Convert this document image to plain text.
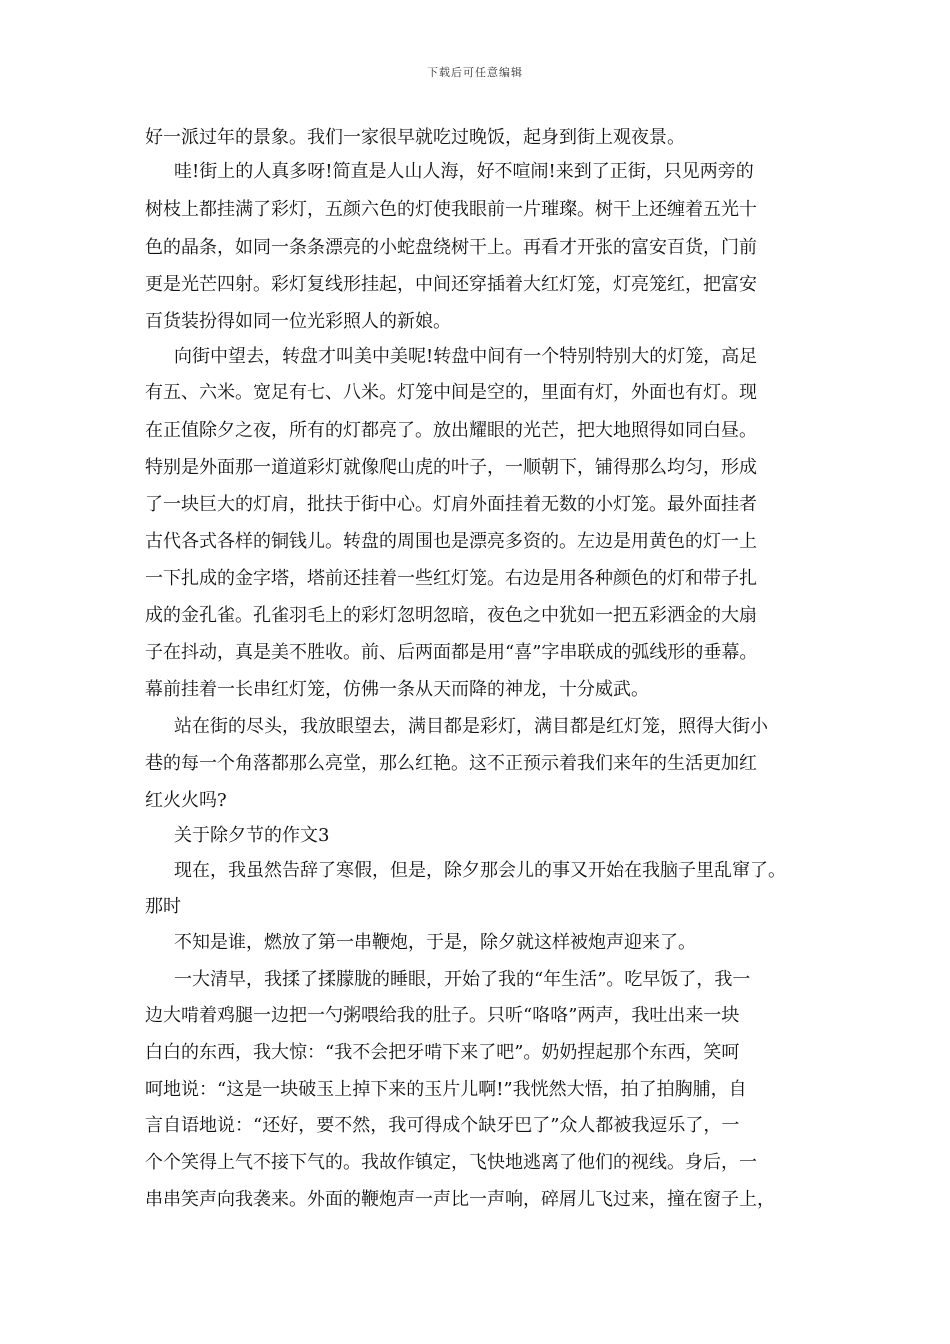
下载后可任意编辑
好一派过年的景象。我们一家很早就吃过晚饭，起身到街上观夜景。
哇!街上的人真多呀!简直是人山人海，好不喧闹!来到了正街，只见两旁的
树枝上都挂满了彩灯，五颜六色的灯使我眼前一片璀璨。树干上还缠着五光十
色的晶条，如同一条条漂亮的小蛇盘绕树干上。再看才开张的富安百货，门前
更是光芒四射。彩灯复线形挂起，中间还穿插着大红灯笼，灯亮笼红，把富安
百货装扮得如同一位光彩照人的新娘。
向街中望去，转盘才叫美中美呢!转盘中间有一个特别特别大的灯笼，高足
有五、六米。宽足有七、八米。灯笼中间是空的，里面有灯，外面也有灯。现
在正值除夕之夜，所有的灯都亮了。放出耀眼的光芒，把大地照得如同白昼。
特别是外面那一道道彩灯就像爬山虎的叶子，一顺朝下，铺得那么均匀，形成
了一块巨大的灯肩，批扶于街中心。灯肩外面挂着无数的小灯笼。最外面挂者
古代各式各样的铜钱儿。转盘的周围也是漂亮多资的。左边是用黄色的灯一上
一下扎成的金字塔，塔前还挂着一些红灯笼。右边是用各种颜色的灯和带子扎
成的金孔雀。孔雀羽毛上的彩灯忽明忽暗，夜色之中犹如一把五彩洒金的大扇
子在抖动，真是美不胜收。前、后两面都是用“喜”字串联成的弧线形的垂幕。
幕前挂着一长串红灯笼，仿佛一条从天而降的神龙，十分威武。
站在街的尽头，我放眼望去，满目都是彩灯，满目都是红灯笼，照得大街小
巷的每一个角落都那么亮堂，那么红艳。这不正预示着我们来年的生活更加红
红火火吗?
关于除夕节的作文3
现在，我虽然告辞了寒假，但是，除夕那会儿的事又开始在我脑子里乱窜了。
那时
不知是谁，燃放了第一串鞭炮，于是，除夕就这样被炮声迎来了。
一大清早，我揉了揉朦胧的睡眼，开始了我的“年生活”。吃早饭了，我一
边大啃着鸡腿一边把一勺粥喂给我的肚子。只听“咯咯”两声，我吐出来一块
白白的东西，我大惊：“我不会把牙啃下来了吧”。奶奶捏起那个东西，笑呵
呵地说：“这是一块破玉上掉下来的玉片儿啊!”我恍然大悟，拍了拍胸脯，自
言自语地说：“还好，要不然，我可得成个缺牙巴了”众人都被我逗乐了，一
个个笑得上气不接下气的。我故作镇定，飞快地逃离了他们的视线。身后，一
串串笑声向我袭来。外面的鞭炮声一声比一声响，碎屑儿飞过来，撞在窗子上，
